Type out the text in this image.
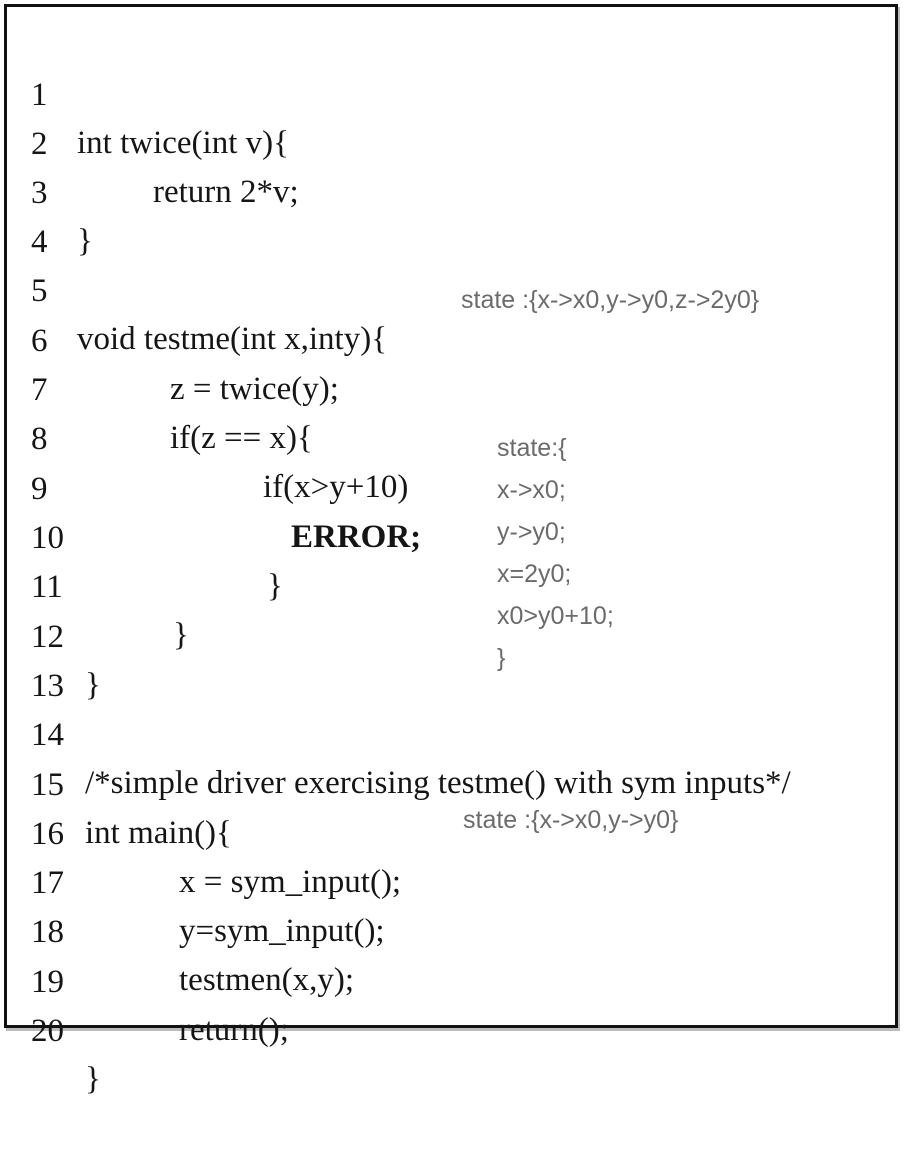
1

int twice(int v){

2

return 2*v;

3

}

4

5

void testme(int x,inty){

6

z = twice(y);

7

if(z == x){

8

if(x>y+10)

9

ERROR;

10

}

11

}

12

}

13

14

/*simple driver exercising testme() with sym inputs*/

15

int main(){

16

x = sym_input();

17

y=sym_input();

18

testmen(x,y);

19

return();

20

}

state :{x->x0,y->y0,z->2y0}
state:{
x->x0;
y->y0;
x=2y0;
x0>y0+10;
}
state :{x->x0,y->y0}
